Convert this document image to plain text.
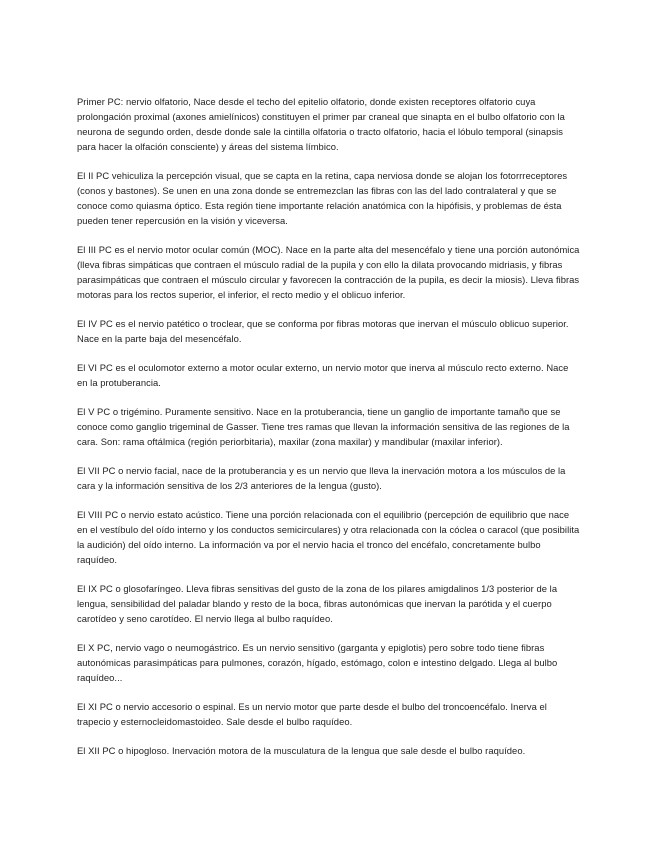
Primer PC: nervio olfatorio, Nace desde el techo del epitelio olfatorio, donde existen receptores olfatorio cuya prolongación proximal (axones amielínicos) constituyen el primer par craneal que sinapta en el bulbo olfatorio con la neurona de segundo orden, desde donde sale la cintilla olfatoria o tracto olfatorio, hacia el lóbulo temporal (sinapsis para hacer la olfación consciente) y áreas del sistema límbico.

El II PC vehiculiza la percepción visual, que se capta en la retina, capa nerviosa donde se alojan los fotorrreceptores (conos y bastones). Se unen en una zona donde se entremezclan las fibras con las del lado contralateral y que se conoce como quiasma óptico. Esta región tiene importante relación anatómica con la hipófisis, y problemas de ésta pueden tener repercusión en la visión y viceversa.

El III PC es el nervio motor ocular común (MOC). Nace en la parte alta del mesencéfalo y tiene una porción autonómica (lleva fibras simpáticas que contraen el músculo radial de la pupila y con ello la dilata provocando midriasis, y fibras parasimpáticas que contraen el músculo circular y favorecen la contracción de la pupila, es decir la miosis). Lleva fibras motoras para los rectos superior, el inferior, el recto medio y el oblicuo inferior.

El IV PC es el nervio patético o troclear, que se conforma por fibras motoras que inervan el músculo oblicuo superior. Nace en la parte baja del mesencéfalo.

El VI PC es el oculomotor externo a motor ocular externo, un nervio motor que inerva al músculo recto externo. Nace en la protuberancia.

El V PC o trigémino. Puramente sensitivo. Nace en la protuberancia, tiene un ganglio de importante tamaño que se conoce como ganglio trigeminal de Gasser. Tiene tres ramas que llevan la información sensitiva de las regiones de la cara. Son: rama oftálmica (región periorbitaria), maxilar (zona maxilar) y mandibular (maxilar inferior).

El VII PC o nervio facial, nace de la protuberancia y es un nervio que lleva la inervación motora a los músculos de la cara y la información sensitiva de los 2/3 anteriores de la lengua (gusto).

El VIII PC o nervio estato acústico. Tiene una porción relacionada con el equilibrio (percepción de equilibrio que nace en el vestíbulo del oído interno y los conductos semicirculares) y otra relacionada con la cóclea o caracol (que posibilita la audición) del oído interno. La información va por el nervio hacia el tronco del encéfalo, concretamente bulbo raquídeo.

El IX PC o glosofaríngeo. Lleva fibras sensitivas del gusto de la zona de los pilares amigdalinos 1/3 posterior de la lengua, sensibilidad del paladar blando y resto de la boca, fibras autonómicas que inervan la parótida y el cuerpo carotídeo y seno carotídeo. El nervio llega al bulbo raquídeo.

El X PC, nervio vago o neumogástrico. Es un nervio sensitivo (garganta y epiglotis) pero sobre todo tiene fibras autonómicas parasimpáticas para pulmones, corazón, hígado, estómago, colon e intestino delgado. Llega al bulbo raquídeo...

El XI PC o nervio accesorio o espinal. Es un nervio motor que parte desde el bulbo del troncoencéfalo. Inerva el trapecio y esternocleidomastoideo. Sale desde el bulbo raquídeo.

El XII PC o hipogloso. Inervación motora de la musculatura de la lengua que sale desde el bulbo raquídeo.
